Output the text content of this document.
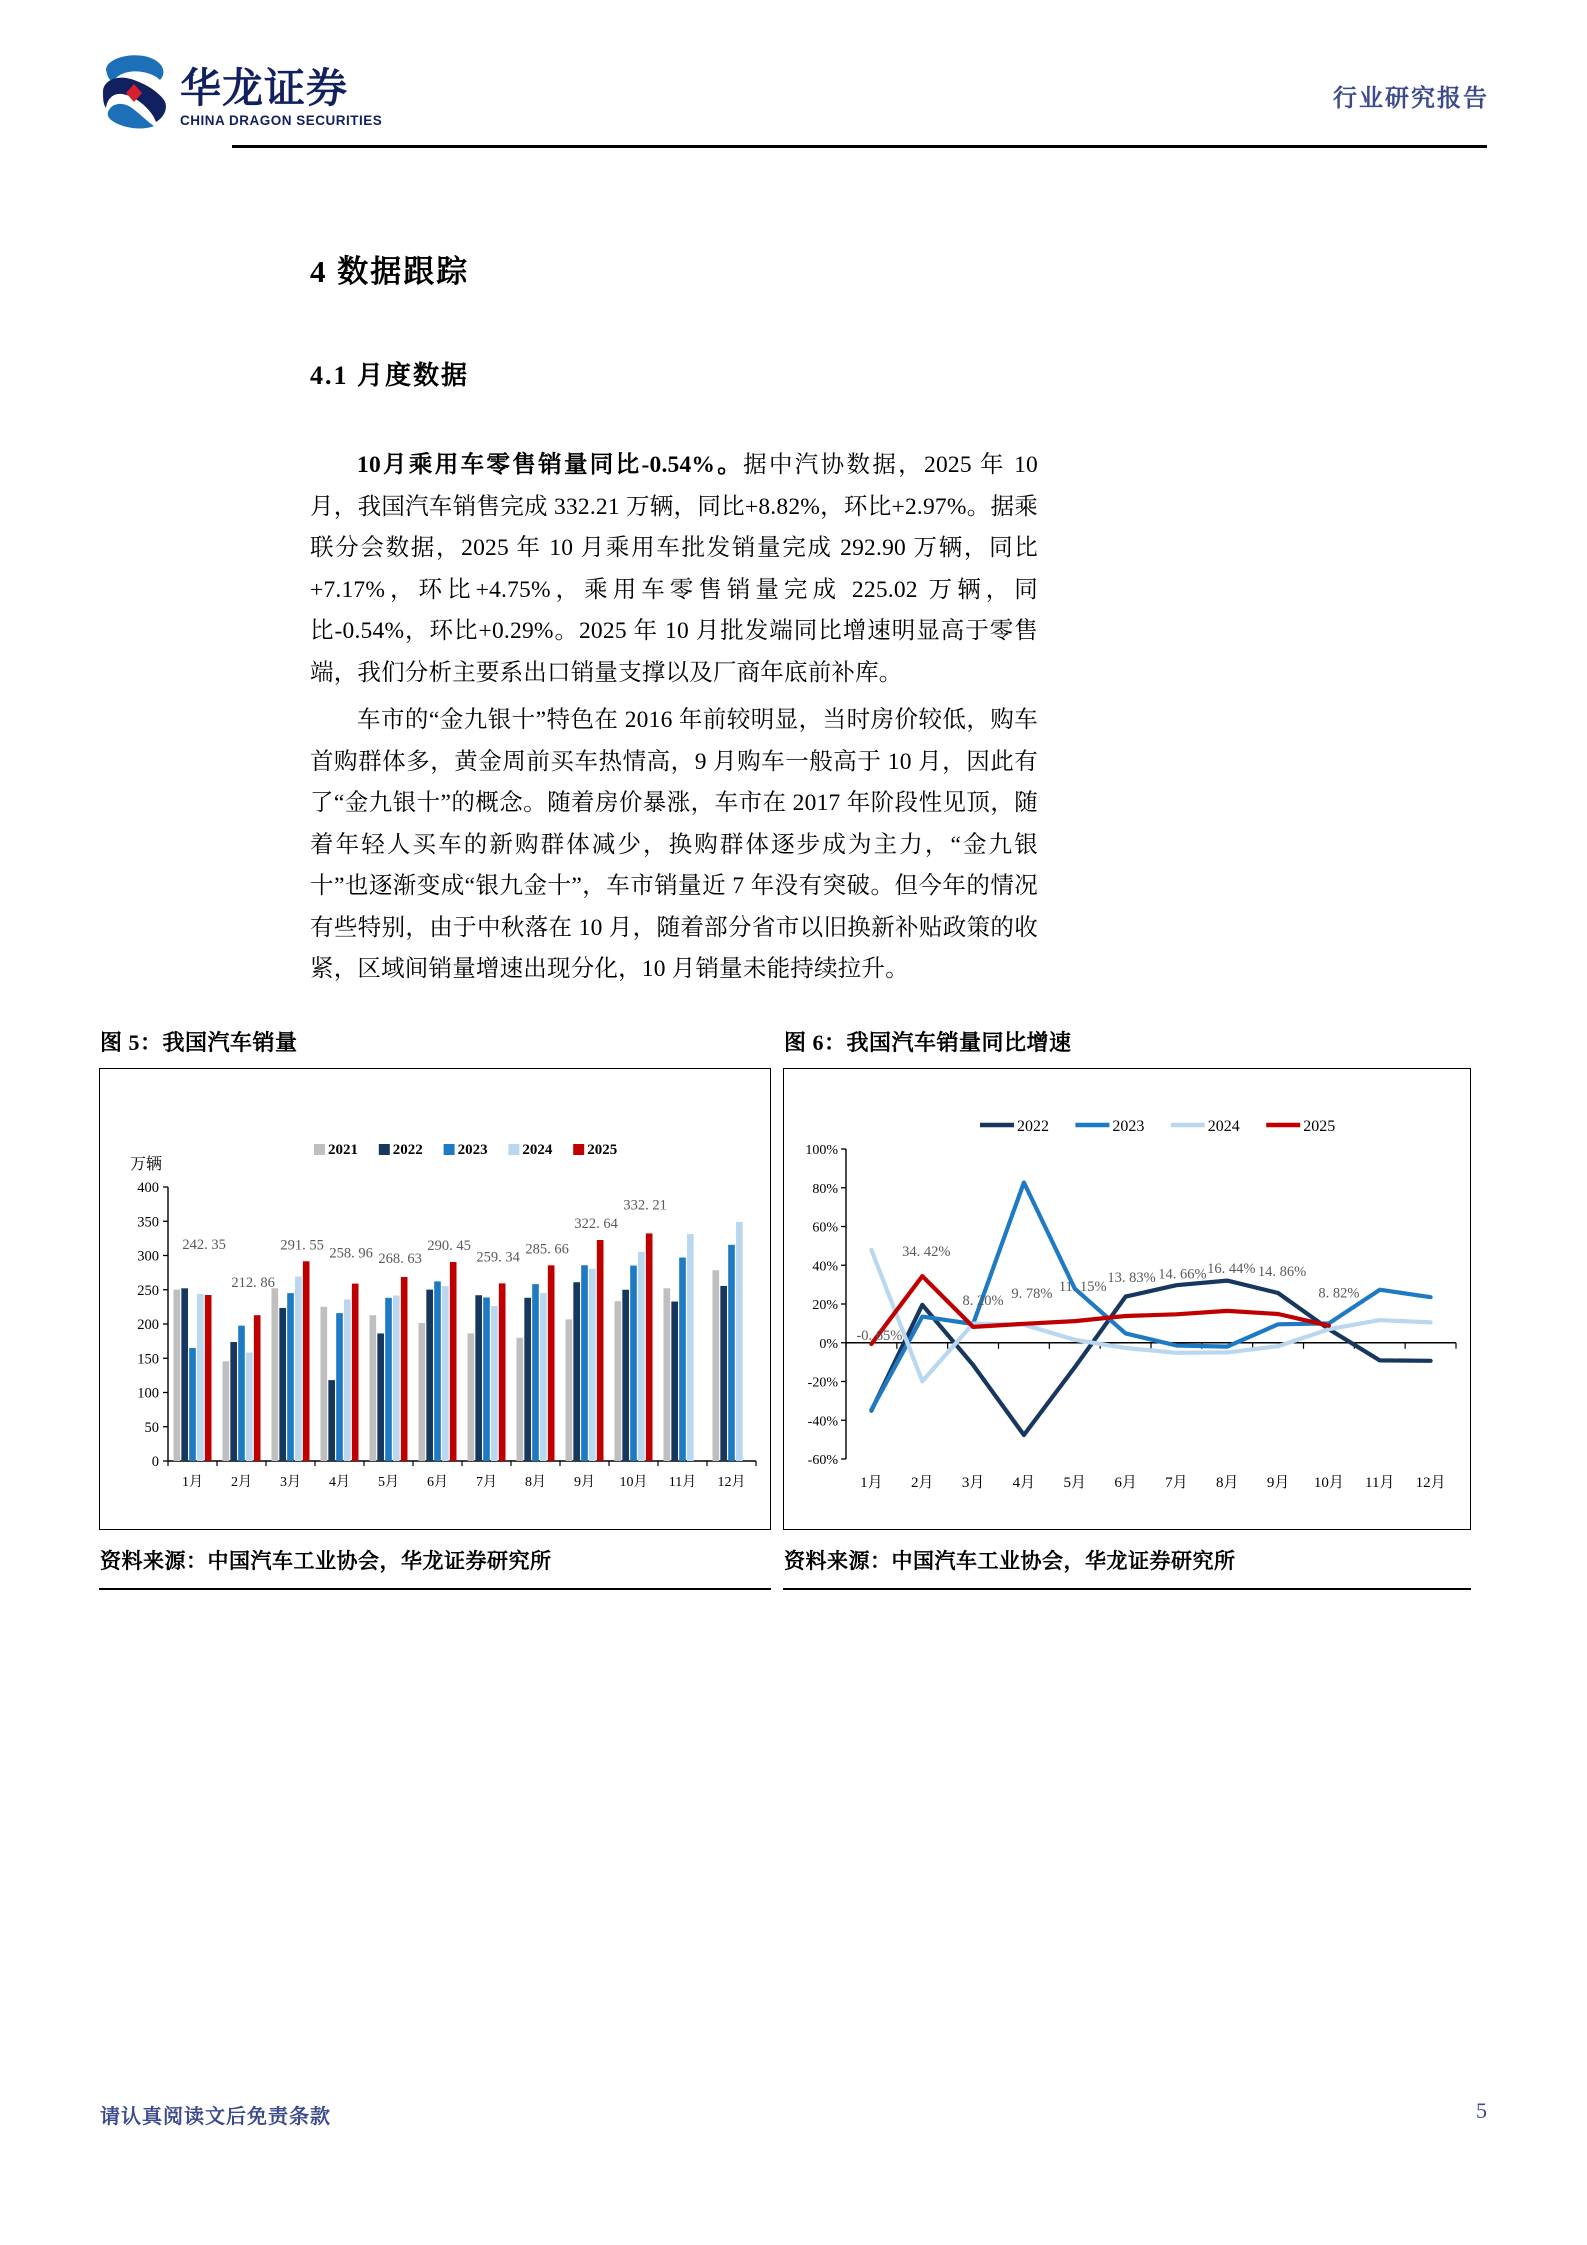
华龙证券
CHINA DRAGON SECURITIES
行业研究报告
4 数据跟踪
4.1 月度数据
10月乘用车零售销量同比-0.54%。据中汽协数据，2025 年 10 月，我国汽车销售完成 332.21 万辆，同比+8.82%，环比+2.97%。据乘联分会数据，2025 年 10 月乘用车批发销量完成 292.90 万辆，同比+7.17%，环比+4.75%，乘用车零售销量完成 225.02 万辆，同比-0.54%，环比+0.29%。2025 年 10 月批发端同比增速明显高于零售端，我们分析主要系出口销量支撑以及厂商年底前补库。
车市的“金九银十”特色在 2016 年前较明显，当时房价较低，购车首购群体多，黄金周前买车热情高，9 月购车一般高于 10 月，因此有了“金九银十”的概念。随着房价暴涨，车市在 2017 年阶段性见顶，随着年轻人买车的新购群体减少，换购群体逐步成为主力，“金九银十”也逐渐变成“银九金十”，车市销量近 7 年没有突破。但今年的情况有些特别，由于中秋落在 10 月，随着部分省市以旧换新补贴政策的收紧，区域间销量增速出现分化，10 月销量未能持续拉升。
图 5：我国汽车销量
万辆
2021 2022 2023 2024 2025
0
50
100
150
200
250
300
350
400
1月 2月 3月 4月 5月 6月 7月 8月 9月 10月 11月 12月
242. 35
212. 86
291. 55
258. 96 268. 63
290. 45
259. 34
285. 66
322. 64
332. 21
资料来源：中国汽车工业协会，华龙证券研究所
图 6：我国汽车销量同比增速
2022	2023	2024	2025
-60%
-40%
-20%
0%
20%
40%
60%
80%
100%
1月 2月 3月 4月 5月 6月 7月 8月 9月 10月 11月 12月
-0. 65%
34. 42%
8. 20% 9. 78% 11. 15%
13. 83% 14. 66% 16. 44% 14. 86%
8. 82%
资料来源：中国汽车工业协会，华龙证券研究所
请认真阅读文后免责条款	5
